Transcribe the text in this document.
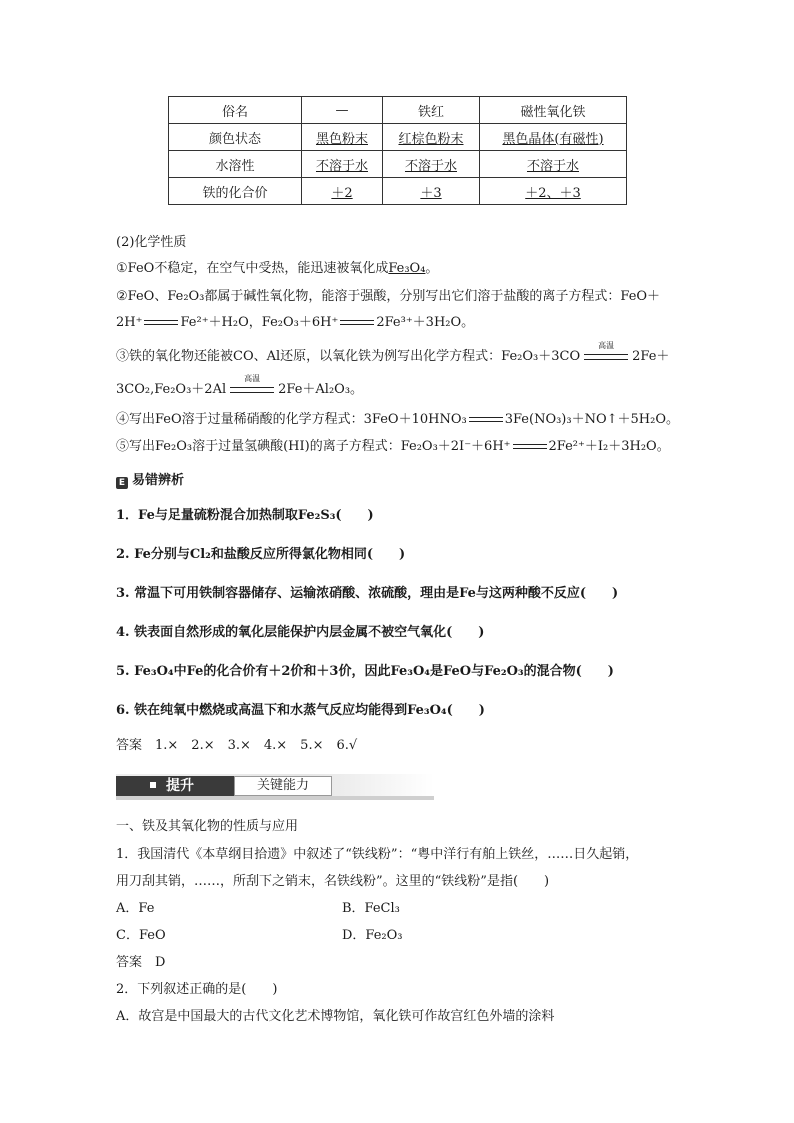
俗名	—	铁红	磁性氧化铁
颜色状态	黑色粉末	红棕色粉末	黑色晶体(有磁性)
水溶性	不溶于水	不溶于水	不溶于水
铁的化合价	＋2	＋3	＋2、＋3
(2)化学性质
①FeO不稳定，在空气中受热，能迅速被氧化成Fe₃O₄。
②FeO、Fe₂O₃都属于碱性氧化物，能溶于强酸，分别写出它们溶于盐酸的离子方程式：FeO＋
2H⁺	Fe²⁺＋H₂O，Fe₂O₃＋6H⁺	2Fe³⁺＋3H₂O。
③铁的氧化物还能被CO、Al还原，以氧化铁为例写出化学方程式：Fe₂O₃＋3CO
高温
2Fe＋
3CO₂,Fe₂O₃＋2Al
高温
2Fe＋Al₂O₃。
④写出FeO溶于过量稀硝酸的化学方程式：3FeO＋10HNO₃	3Fe(NO₃)₃＋NO↑＋5H₂O。
⑤写出Fe₂O₃溶于过量氢碘酸(HI)的离子方程式：Fe₂O₃＋2I⁻＋6H⁺	2Fe²⁺＋I₂＋3H₂O。
E 易错辨析
1．Fe与足量硫粉混合加热制取Fe₂S₃(　　)
2. Fe分别与Cl₂和盐酸反应所得氯化物相同(　　)
3. 常温下可用铁制容器储存、运输浓硝酸、浓硫酸，理由是Fe与这两种酸不反应(　　)
4. 铁表面自然形成的氧化层能保护内层金属不被空气氧化(　　)
5. Fe₃O₄中Fe的化合价有＋2价和＋3价，因此Fe₃O₄是FeO与Fe₂O₃的混合物(　　)
6. 铁在纯氧中燃烧或高温下和水蒸气反应均能得到Fe₃O₄(　　)
答案　1.×　2.×　3.×　4.×　5.×　6.√
提升	关键能力
一、铁及其氧化物的性质与应用
1．我国清代《本草纲目拾遗》中叙述了“铁线粉”：“粤中洋行有舶上铁丝，……日久起销，
用刀刮其销，……，所刮下之销末，名铁线粉”。这里的“铁线粉”是指(　　)
A．Fe	B．FeCl₃
C．FeO	D．Fe₂O₃
答案　D
2．下列叙述正确的是(　　)
A．故宫是中国最大的古代文化艺术博物馆，氧化铁可作故宫红色外墙的涂料
